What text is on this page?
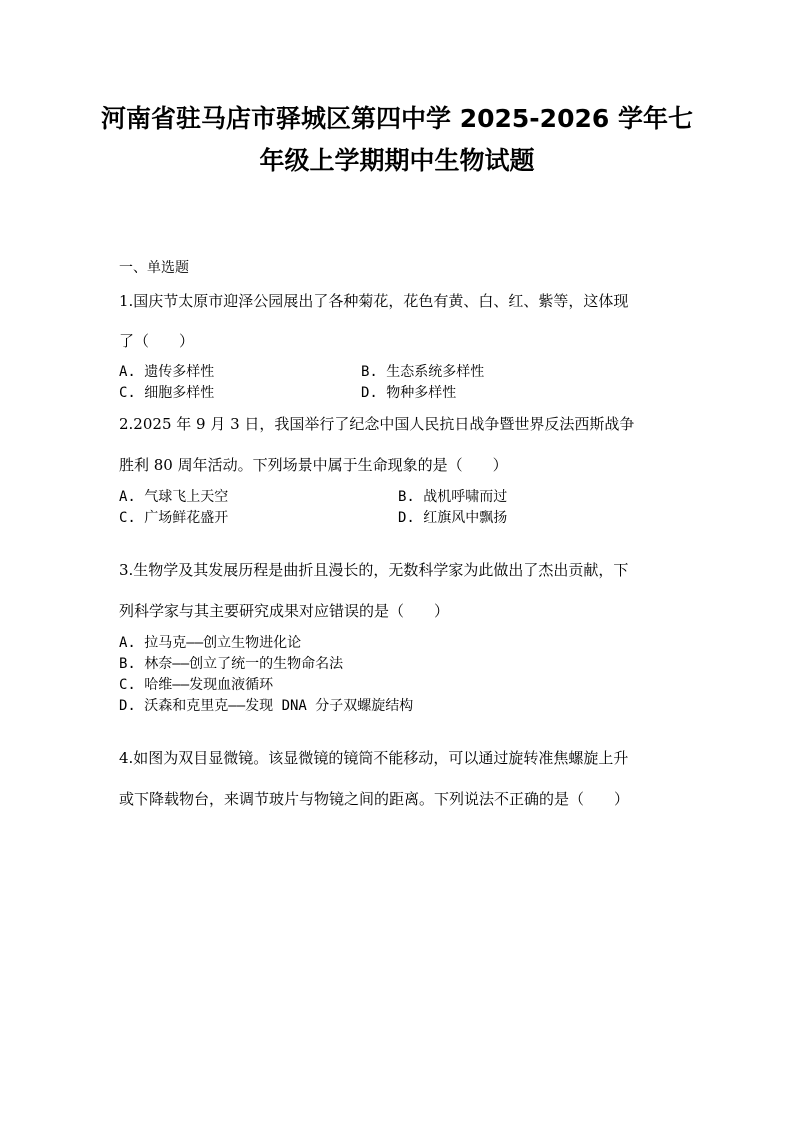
河南省驻马店市驿城区第四中学 2025-2026 学年七
年级上学期期中生物试题
一、单选题
1.国庆节太原市迎泽公园展出了各种菊花，花色有黄、白、红、紫等，这体现
了（　　）
A. 遗传多样性	B. 生态系统多样性
C. 细胞多样性	D. 物种多样性
2.2025 年 9 月 3 日，我国举行了纪念中国人民抗日战争暨世界反法西斯战争
胜利 80 周年活动。下列场景中属于生命现象的是（　　）
A. 气球飞上天空	B. 战机呼啸而过
C. 广场鲜花盛开	D. 红旗风中飘扬
3.生物学及其发展历程是曲折且漫长的，无数科学家为此做出了杰出贡献，下
列科学家与其主要研究成果对应错误的是（　　）
A. 拉马克——创立生物进化论
B. 林奈——创立了统一的生物命名法
C. 哈维——发现血液循环
D. 沃森和克里克——发现 DNA 分子双螺旋结构
4.如图为双目显微镜。该显微镜的镜筒不能移动，可以通过旋转准焦螺旋上升
或下降载物台，来调节玻片与物镜之间的距离。下列说法不正确的是（　　）
